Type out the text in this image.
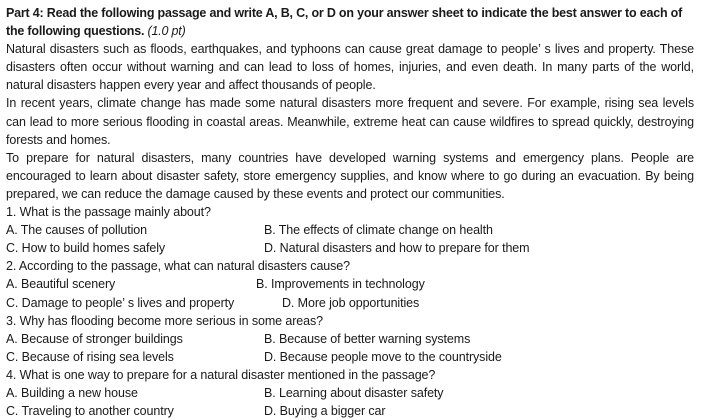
Part 4: Read the following passage and write A, B, C, or D on your answer sheet to indicate the best answer to each of the following questions. (1.0 pt)
Natural disasters such as floods, earthquakes, and typhoons can cause great damage to people’ s lives and property. These disasters often occur without warning and can lead to loss of homes, injuries, and even death. In many parts of the world, natural disasters happen every year and affect thousands of people.
In recent years, climate change has made some natural disasters more frequent and severe. For example, rising sea levels can lead to more serious flooding in coastal areas. Meanwhile, extreme heat can cause wildfires to spread quickly, destroying forests and homes.
To prepare for natural disasters, many countries have developed warning systems and emergency plans. People are encouraged to learn about disaster safety, store emergency supplies, and know where to go during an evacuation. By being prepared, we can reduce the damage caused by these events and protect our communities.
1. What is the passage mainly about?
A. The causes of pollution	B. The effects of climate change on health
C. How to build homes safely	D. Natural disasters and how to prepare for them
2. According to the passage, what can natural disasters cause?
A. Beautiful scenery	B. Improvements in technology
C. Damage to people’ s lives and property	D. More job opportunities
3. Why has flooding become more serious in some areas?
A. Because of stronger buildings	B. Because of better warning systems
C. Because of rising sea levels	D. Because people move to the countryside
4. What is one way to prepare for a natural disaster mentioned in the passage?
A. Building a new house	B. Learning about disaster safety
C. Traveling to another country	D. Buying a bigger car
